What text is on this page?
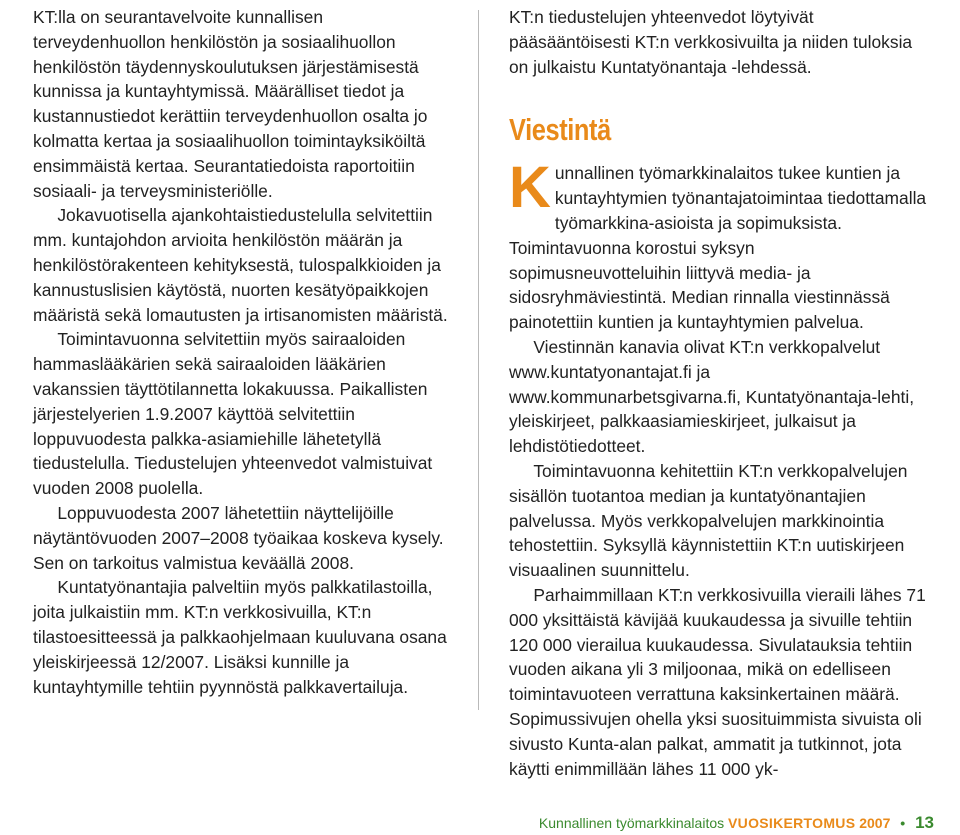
KT:lla on seurantavelvoite kunnallisen terveydenhuollon henkilöstön ja sosiaalihuollon henkilöstön täydennyskoulutuksen järjestämisestä kunnissa ja kuntayhtymissä. Määrälliset tiedot ja kustannustiedot kerättiin terveydenhuollon osalta jo kolmatta kertaa ja sosiaalihuollon toimintayksiköiltä ensimmäistä kertaa. Seurantatiedoista raportoitiin sosiaali- ja terveysministeriölle.

Jokavuotisella ajankohtaistiedustelulla selvitettiin mm. kuntajohdon arvioita henkilöstön määrän ja henkilöstörakenteen kehityksestä, tulospalkkioiden ja kannustuslisien käytöstä, nuorten kesätyöpaikkojen määristä sekä lomautusten ja irtisanomisten määristä.

Toimintavuonna selvitettiin myös sairaaloiden hammaslääkärien sekä sairaaloiden lääkärien vakanssien täyttötilannetta lokakuussa. Paikallisten järjestelyerien 1.9.2007 käyttöä selvitettiin loppuvuodesta palkka-asiamiehille lähetetyllä tiedustelulla. Tiedustelujen yhteenvedot valmistuivat vuoden 2008 puolella.

Loppuvuodesta 2007 lähetettiin näyttelijöille näytäntövuoden 2007–2008 työaikaa koskeva kysely. Sen on tarkoitus valmistua keväällä 2008.

Kuntatyönantajia palveltiin myös palkkatilastoilla, joita julkaistiin mm. KT:n verkkosivuilla, KT:n tilastoesitteessä ja palkkaohjelmaan kuuluvana osana yleiskirjeessä 12/2007. Lisäksi kunnille ja kuntayhtymille tehtiin pyynnöstä palkkavertailuja.

KT:n tiedustelujen yhteenvedot löytyivät pääsääntöisesti KT:n verkkosivuilta ja niiden tuloksia on julkaistu Kuntatyönantaja -lehdessä.

Viestintä

Kunnallinen työmarkkinalaitos tukee kuntien ja kuntayhtymien työnantajatoimintaa tiedottamalla työmarkkina-asioista ja sopimuksista. Toimintavuonna korostui syksyn sopimusneuvotteluihin liittyvä media- ja sidosryhmäviestintä. Median rinnalla viestinnässä painotettiin kuntien ja kuntayhtymien palvelua.

Viestinnän kanavia olivat KT:n verkkopalvelut www.kuntatyonantajat.fi ja www.kommunarbetsgivarna.fi, Kuntatyönantaja-lehti, yleiskirjeet, palkkaasiamieskirjeet, julkaisut ja lehdistötiedotteet.

Toimintavuonna kehitettiin KT:n verkkopalvelujen sisällön tuotantoa median ja kuntatyönantajien palvelussa. Myös verkkopalvelujen markkinointia tehostettiin. Syksyllä käynnistettiin KT:n uutiskirjeen visuaalinen suunnittelu.

Parhaimmillaan KT:n verkkosivuilla vieraili lähes 71 000 yksittäistä kävijää kuukaudessa ja sivuille tehtiin 120 000 vierailua kuukaudessa. Sivulatauksia tehtiin vuoden aikana yli 3 miljoonaa, mikä on edelliseen toimintavuoteen verrattuna kaksinkertainen määrä. Sopimussivujen ohella yksi suosituimmista sivuista oli sivusto Kunta-alan palkat, ammatit ja tutkinnot, jota käytti enimmillään lähes 11 000 yk-

Kunnallinen työmarkkinalaitos VUOSIKERTOMUS 2007 • 13
